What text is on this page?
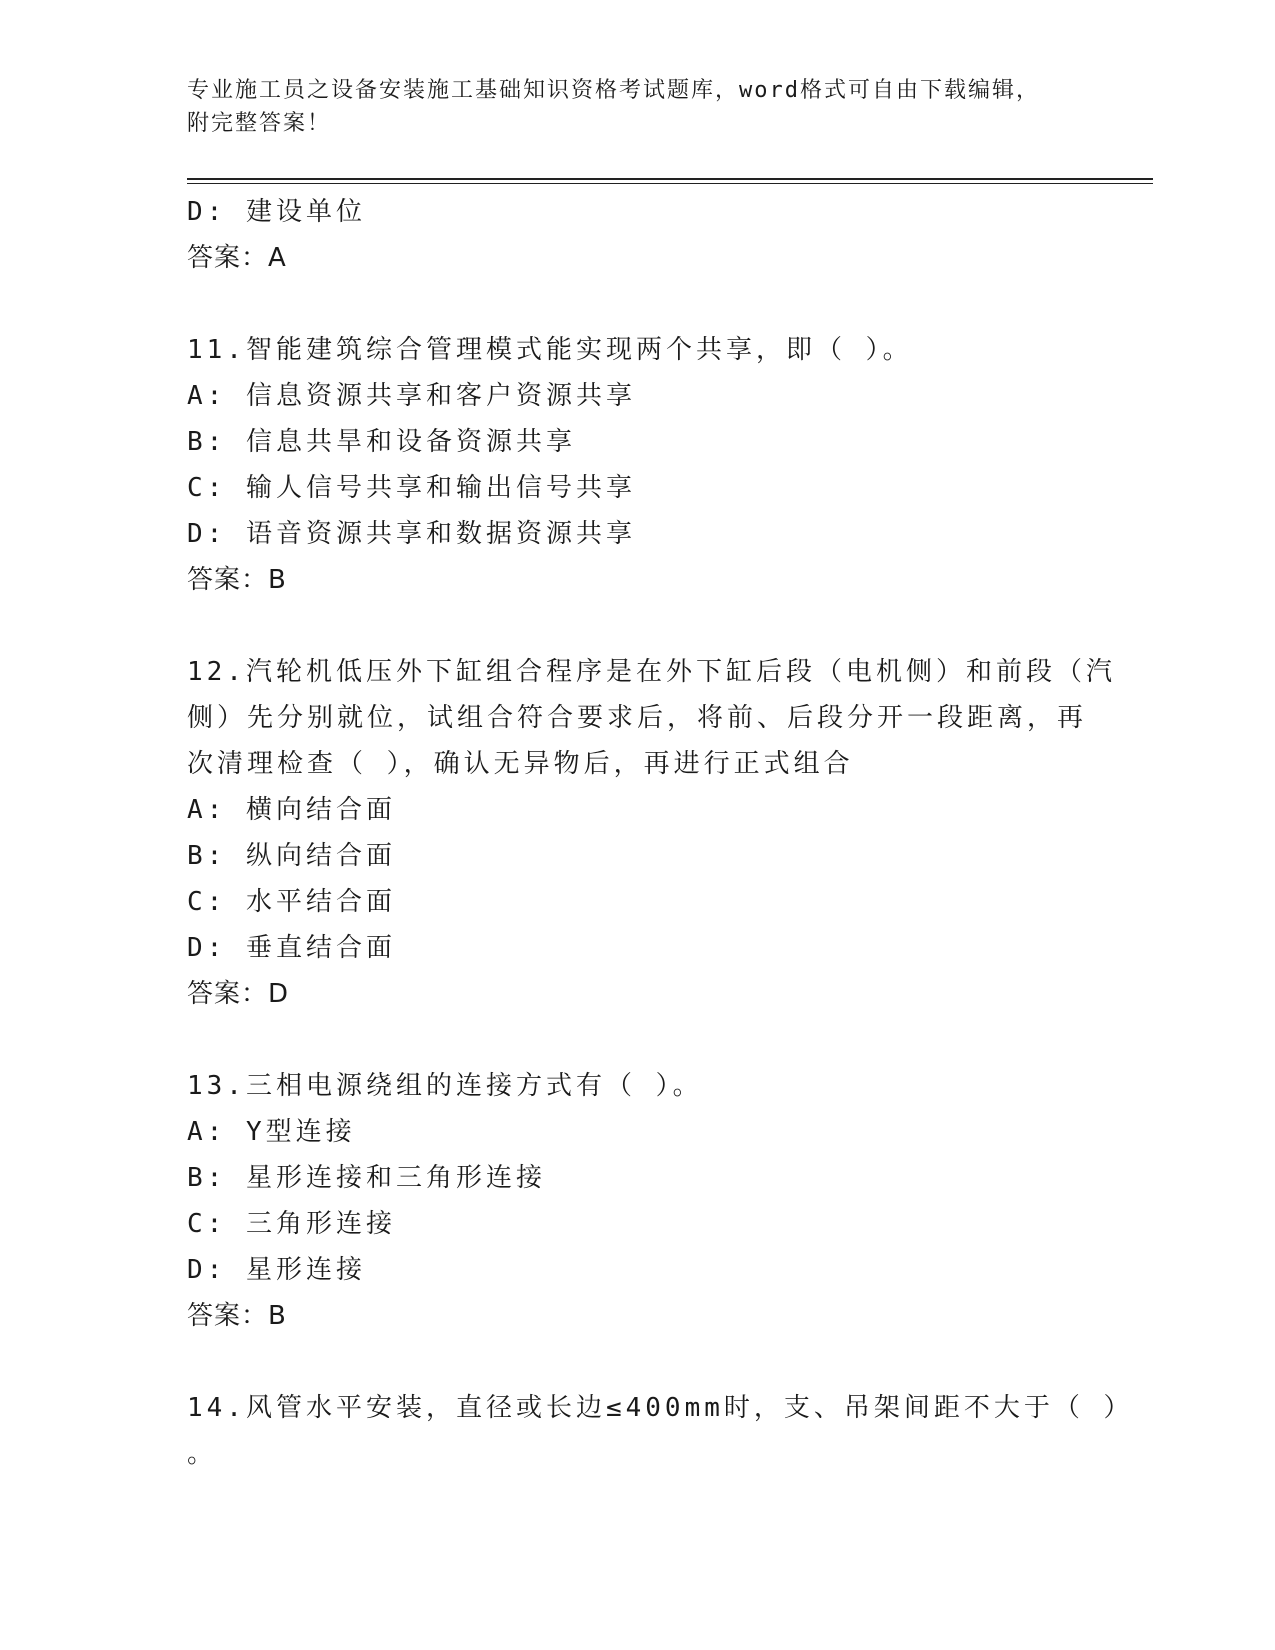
专业施工员之设备安装施工基础知识资格考试题库，word格式可自由下载编辑，
附完整答案！
D: 建设单位
答案：A
11.智能建筑综合管理模式能实现两个共享，即（ ）。
A: 信息资源共享和客户资源共享
B: 信息共旱和设备资源共享
C: 输人信号共享和输出信号共享
D: 语音资源共享和数据资源共享
答案：B
12.汽轮机低压外下缸组合程序是在外下缸后段（电机侧）和前段（汽
侧）先分别就位，试组合符合要求后，将前、后段分开一段距离，再
次清理检查（ ），确认无异物后，再进行正式组合
A: 横向结合面
B: 纵向结合面
C: 水平结合面
D: 垂直结合面
答案：D
13.三相电源绕组的连接方式有（ ）。
A: Y型连接
B: 星形连接和三角形连接
C: 三角形连接
D: 星形连接
答案：B
14.风管水平安装，直径或长边≤400mm时，支、吊架间距不大于（ ）
。
